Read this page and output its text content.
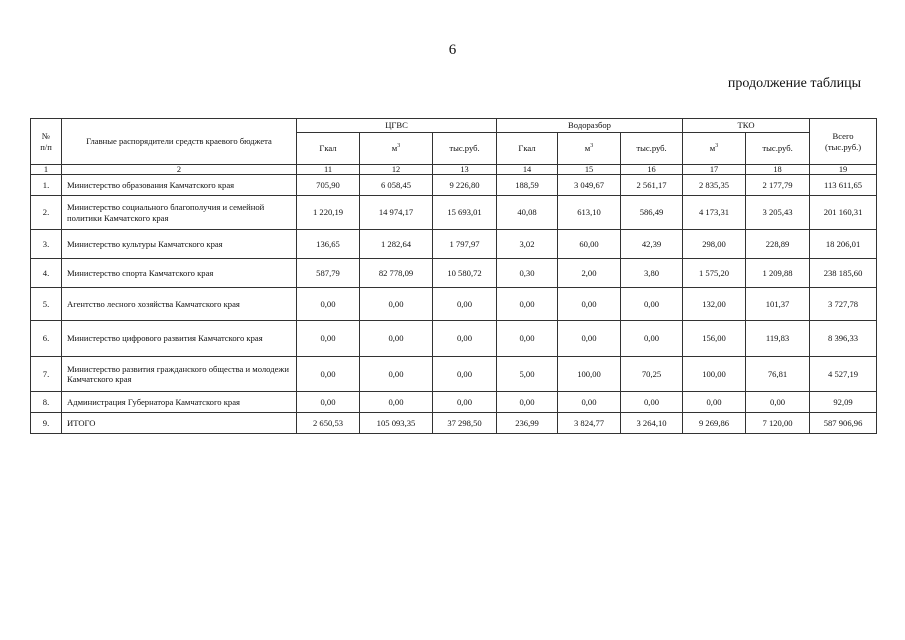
6
продолжение таблицы
№
п/п	Главные распорядители средств краевого бюджета	ЦГВС			Водоразбор			ТКО		Всего
(тыс.руб.)
		Гкал	$м^3$	тыс.руб.	Гкал	$м^3$	тыс.руб.	$м^3$	тыс.руб.	
1	2	11	12	13	14	15	16	17	18	19
1.	Министерство образования Камчатского края	705,90	6 058,45	9 226,80	188,59	3 049,67	2 561,17	2 835,35	2 177,79	113 611,65
2.	Министерство социального благополучия и семейной политики Камчатского края	1 220,19	14 974,17	15 693,01	40,08	613,10	586,49	4 173,31	3 205,43	201 160,31
3.	Министерство культуры Камчатского края	136,65	1 282,64	1 797,97	3,02	60,00	42,39	298,00	228,89	18 206,01
4.	Министерство спорта Камчатского края	587,79	82 778,09	10 580,72	0,30	2,00	3,80	1 575,20	1 209,88	238 185,60
5.	Агентство лесного хозяйства Камчатского края	0,00	0,00	0,00	0,00	0,00	0,00	132,00	101,37	3 727,78
6.	Министерство цифрового развития Камчатского края	0,00	0,00	0,00	0,00	0,00	0,00	156,00	119,83	8 396,33
7.	Министерство развития гражданского общества и молодежи Камчатского края	0,00	0,00	0,00	5,00	100,00	70,25	100,00	76,81	4 527,19
8.	Администрация Губернатора Камчатского края	0,00	0,00	0,00	0,00	0,00	0,00	0,00	0,00	92,09
9.	ИТОГО	2 650,53	105 093,35	37 298,50	236,99	3 824,77	3 264,10	9 269,86	7 120,00	587 906,96
